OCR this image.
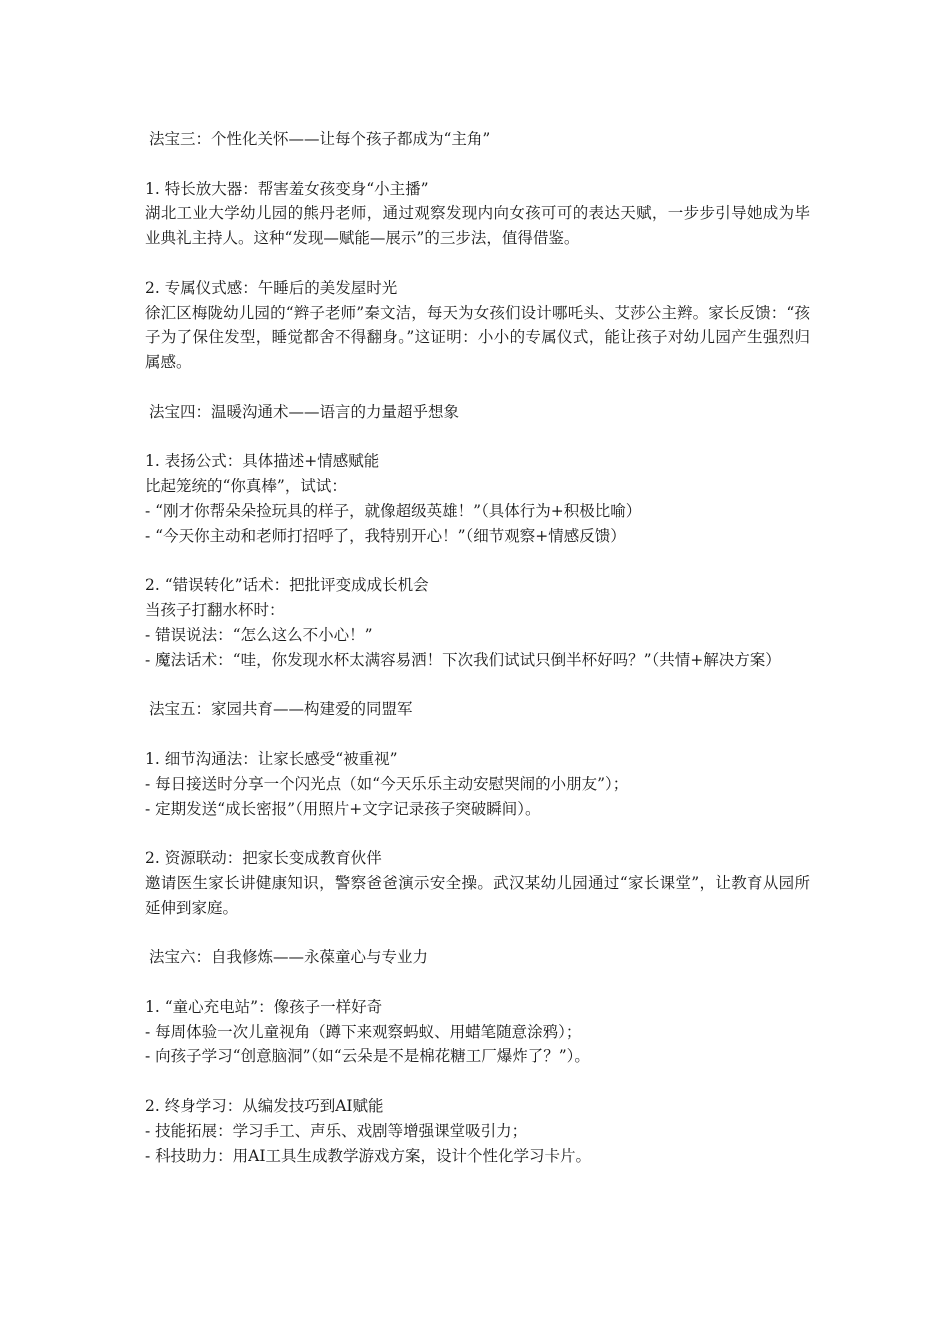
法宝三：个性化关怀——让每个孩子都成为“主角”

1. 特长放大器：帮害羞女孩变身“小主播”

湖北工业大学幼儿园的熊丹老师，通过观察发现内向女孩可可的表达天赋，一步步引导她成为毕业典礼主持人。这种“发现—赋能—展示”的三步法，值得借鉴。

2. 专属仪式感：午睡后的美发屋时光

徐汇区梅陇幼儿园的“辫子老师”秦文洁，每天为女孩们设计哪吒头、艾莎公主辫。家长反馈：“孩子为了保住发型，睡觉都舍不得翻身。”这证明：小小的专属仪式，能让孩子对幼儿园产生强烈归属感。

法宝四：温暖沟通术——语言的力量超乎想象

1. 表扬公式：具体描述+情感赋能

比起笼统的“你真棒”，试试：

- “刚才你帮朵朵捡玩具的样子，就像超级英雄！”（具体行为+积极比喻）

- “今天你主动和老师打招呼了，我特别开心！”（细节观察+情感反馈）

2. “错误转化”话术：把批评变成成长机会

当孩子打翻水杯时：

- 错误说法：“怎么这么不小心！”

- 魔法话术：“哇，你发现水杯太满容易洒！下次我们试试只倒半杯好吗？”（共情+解决方案）

法宝五：家园共育——构建爱的同盟军

1. 细节沟通法：让家长感受“被重视”

- 每日接送时分享一个闪光点（如“今天乐乐主动安慰哭闹的小朋友”）；

- 定期发送“成长密报”（用照片+文字记录孩子突破瞬间）。

2. 资源联动：把家长变成教育伙伴

邀请医生家长讲健康知识，警察爸爸演示安全操。武汉某幼儿园通过“家长课堂”，让教育从园所延伸到家庭。

法宝六：自我修炼——永葆童心与专业力

1. “童心充电站”：像孩子一样好奇

- 每周体验一次儿童视角（蹲下来观察蚂蚁、用蜡笔随意涂鸦）；

- 向孩子学习“创意脑洞”（如“云朵是不是棉花糖工厂爆炸了？”）。

2. 终身学习：从编发技巧到AI赋能

- 技能拓展：学习手工、声乐、戏剧等增强课堂吸引力；

- 科技助力：用AI工具生成教学游戏方案，设计个性化学习卡片。
